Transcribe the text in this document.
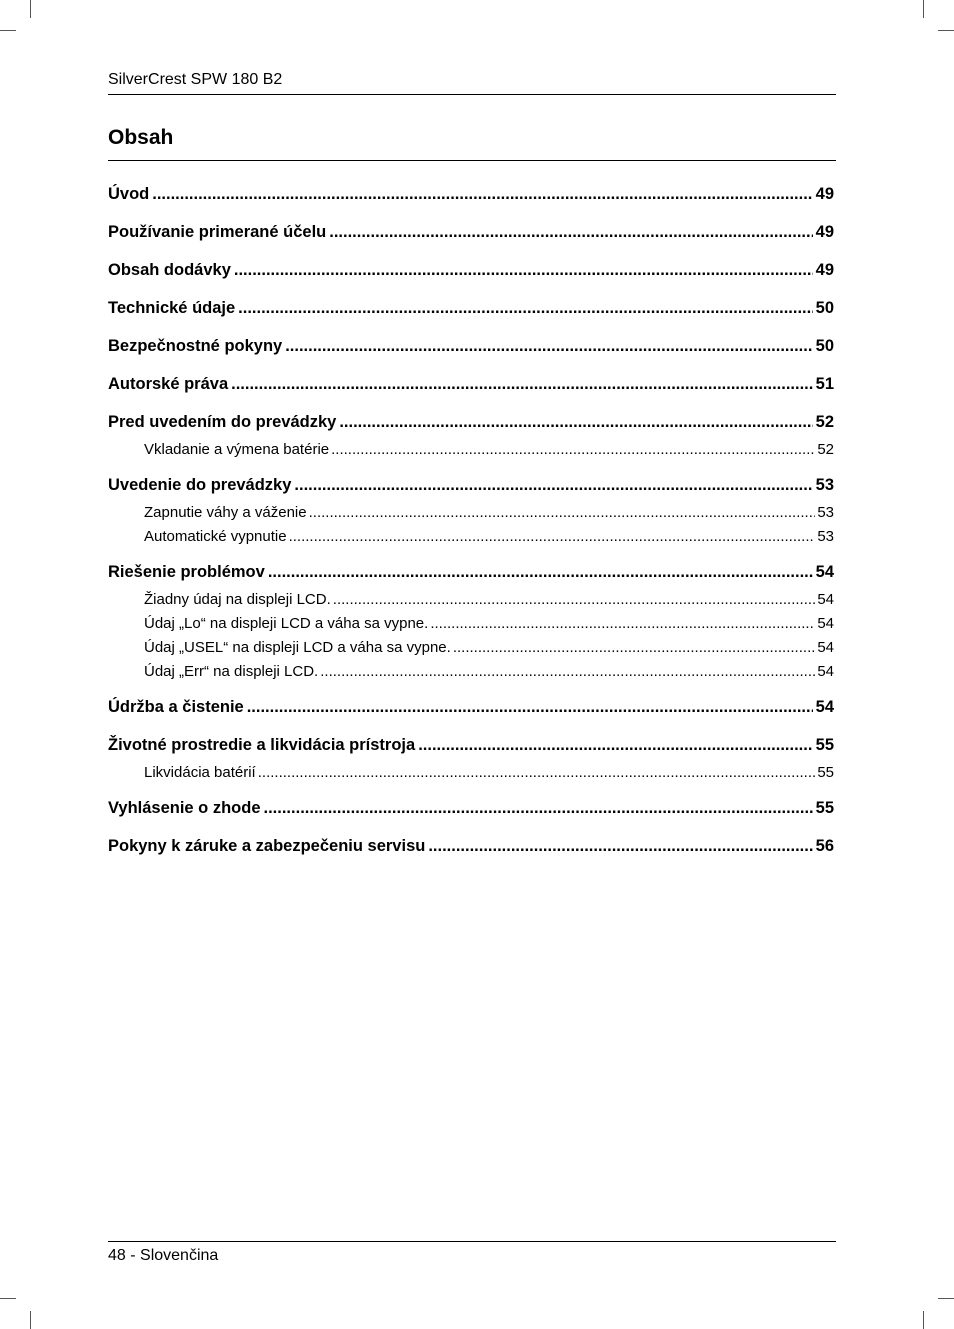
SilverCrest SPW 180 B2
Obsah
Úvod .....	49
Používanie primerané účelu .....	49
Obsah dodávky .....	49
Technické údaje .....	50
Bezpečnostné pokyny .....	50
Autorské práva .....	51
Pred uvedením do prevádzky .....	52
Vkladanie a výmena batérie .....	52
Uvedenie do prevádzky .....	53
Zapnutie váhy a váženie .....	53
Automatické vypnutie .....	53
Riešenie problémov .....	54
Žiadny údaj na displeji LCD. .....	54
Údaj „Lo“ na displeji LCD a váha sa vypne. .....	54
Údaj „USEL“ na displeji LCD a váha sa vypne. .....	54
Údaj „Err“ na displeji LCD. .....	54
Údržba a čistenie .....	54
Životné prostredie a likvidácia prístroja .....	55
Likvidácia batérií .....	55
Vyhlásenie o zhode .....	55
Pokyny k záruke a zabezpečeniu servisu .....	56
48 - Slovenčina
